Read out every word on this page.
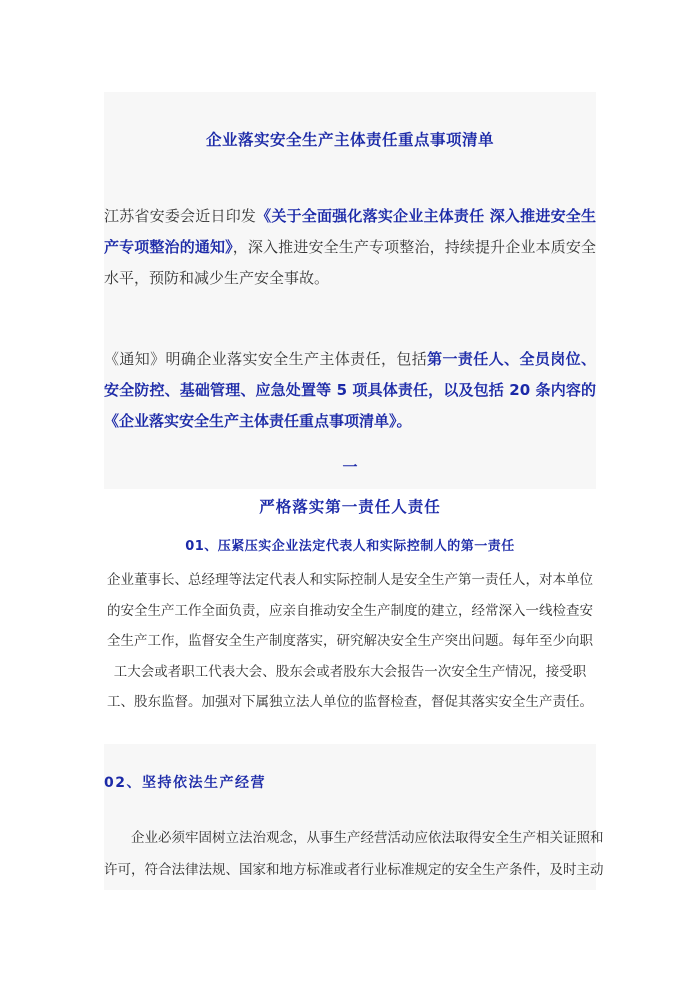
企业落实安全生产主体责任重点事项清单
江苏省安委会近日印发《关于全面强化落实企业主体责任 深入推进安全生产专项整治的通知》，深入推进安全生产专项整治，持续提升企业本质安全水平，预防和减少生产安全事故。
《通知》明确企业落实安全生产主体责任，包括第一责任人、全员岗位、安全防控、基础管理、应急处置等 5 项具体责任，以及包括 20 条内容的《企业落实安全生产主体责任重点事项清单》。
一
严格落实第一责任人责任
01、压紧压实企业法定代表人和实际控制人的第一责任
企业董事长、总经理等法定代表人和实际控制人是安全生产第一责任人，对本单位
的安全生产工作全面负责，应亲自推动安全生产制度的建立，经常深入一线检查安
全生产工作，监督安全生产制度落实，研究解决安全生产突出问题。每年至少向职
工大会或者职工代表大会、股东会或者股东大会报告一次安全生产情况，接受职
工、股东监督。加强对下属独立法人单位的监督检查，督促其落实安全生产责任。
02、坚持依法生产经营
企业必须牢固树立法治观念，从事生产经营活动应依法取得安全生产相关证照和
许可，符合法律法规、国家和地方标准或者行业标准规定的安全生产条件，及时主动
